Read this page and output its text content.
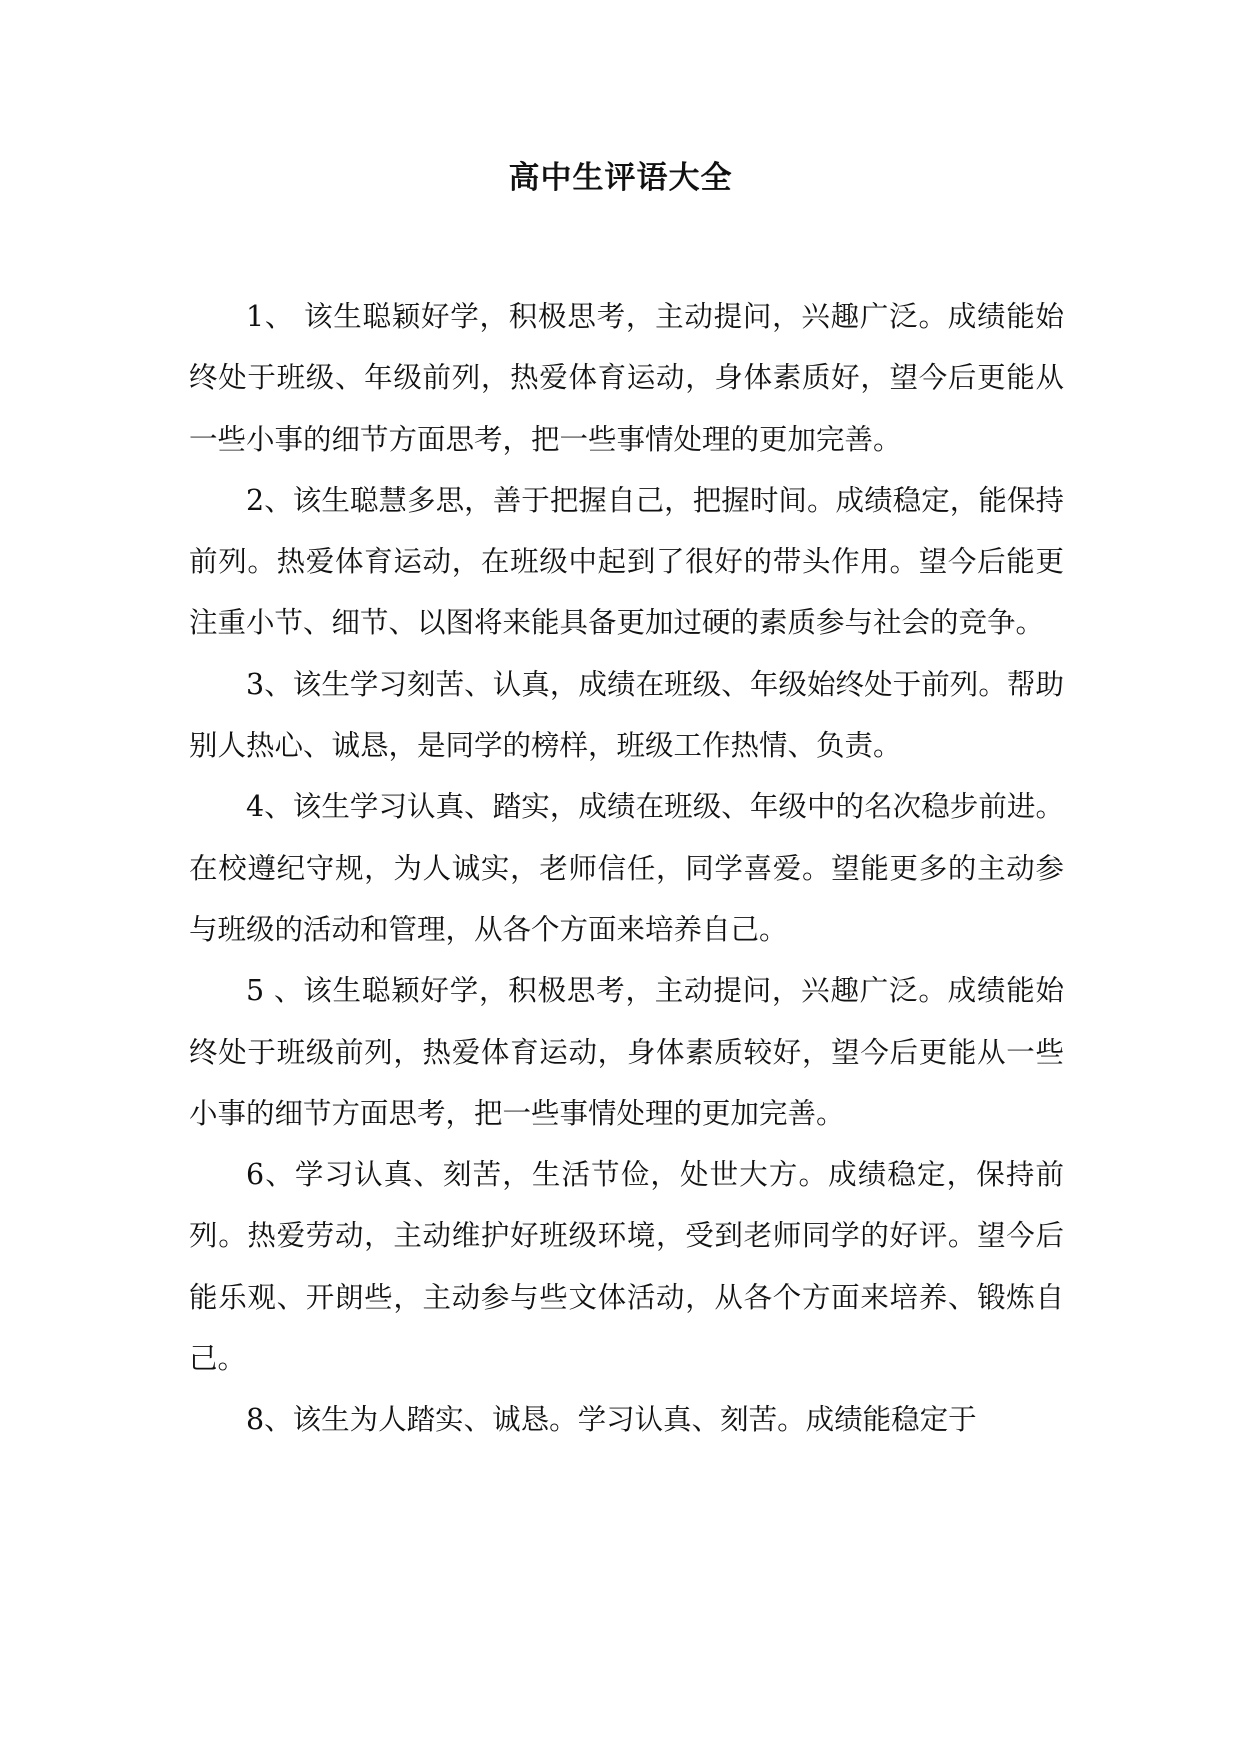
高中生评语大全

1、 该生聪颖好学，积极思考，主动提问，兴趣广泛。成绩能始终处于班级、年级前列，热爱体育运动，身体素质好，望今后更能从一些小事的细节方面思考，把一些事情处理的更加完善。

2、该生聪慧多思，善于把握自己，把握时间。成绩稳定，能保持前列。热爱体育运动，在班级中起到了很好的带头作用。望今后能更注重小节、细节、以图将来能具备更加过硬的素质参与社会的竞争。

3、该生学习刻苦、认真，成绩在班级、年级始终处于前列。帮助别人热心、诚恳，是同学的榜样，班级工作热情、负责。

4、该生学习认真、踏实，成绩在班级、年级中的名次稳步前进。在校遵纪守规，为人诚实，老师信任，同学喜爱。望能更多的主动参与班级的活动和管理，从各个方面来培养自己。

5 、该生聪颖好学，积极思考，主动提问，兴趣广泛。成绩能始终处于班级前列，热爱体育运动，身体素质较好，望今后更能从一些小事的细节方面思考，把一些事情处理的更加完善。

6、学习认真、刻苦，生活节俭，处世大方。成绩稳定，保持前列。热爱劳动，主动维护好班级环境，受到老师同学的好评。望今后能乐观、开朗些，主动参与些文体活动，从各个方面来培养、锻炼自己。

8、该生为人踏实、诚恳。学习认真、刻苦。成绩能稳定于
